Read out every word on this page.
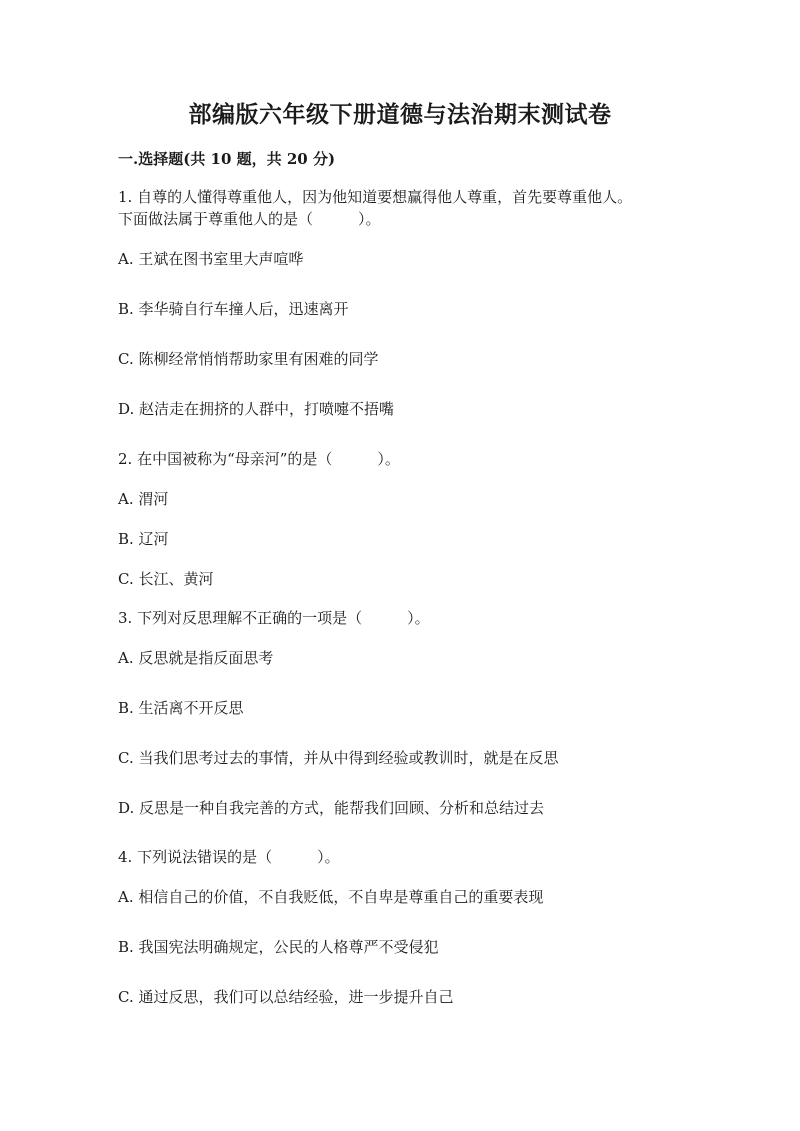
部编版六年级下册道德与法治期末测试卷
一.选择题(共 10 题，共 20 分)
1. 自尊的人懂得尊重他人，因为他知道要想赢得他人尊重，首先要尊重他人。
下面做法属于尊重他人的是（　　　）。
A. 王斌在图书室里大声喧哗
B. 李华骑自行车撞人后，迅速离开
C. 陈柳经常悄悄帮助家里有困难的同学
D. 赵洁走在拥挤的人群中，打喷嚏不捂嘴
2. 在中国被称为“母亲河”的是（　　　）。
A. 渭河
B. 辽河
C. 长江、黄河
3. 下列对反思理解不正确的一项是（　　　）。
A. 反思就是指反面思考
B. 生活离不开反思
C. 当我们思考过去的事情，并从中得到经验或教训时，就是在反思
D. 反思是一种自我完善的方式，能帮我们回顾、分析和总结过去
4. 下列说法错误的是（　　　）。
A. 相信自己的价值，不自我贬低，不自卑是尊重自己的重要表现
B. 我国宪法明确规定，公民的人格尊严不受侵犯
C. 通过反思，我们可以总结经验，进一步提升自己
